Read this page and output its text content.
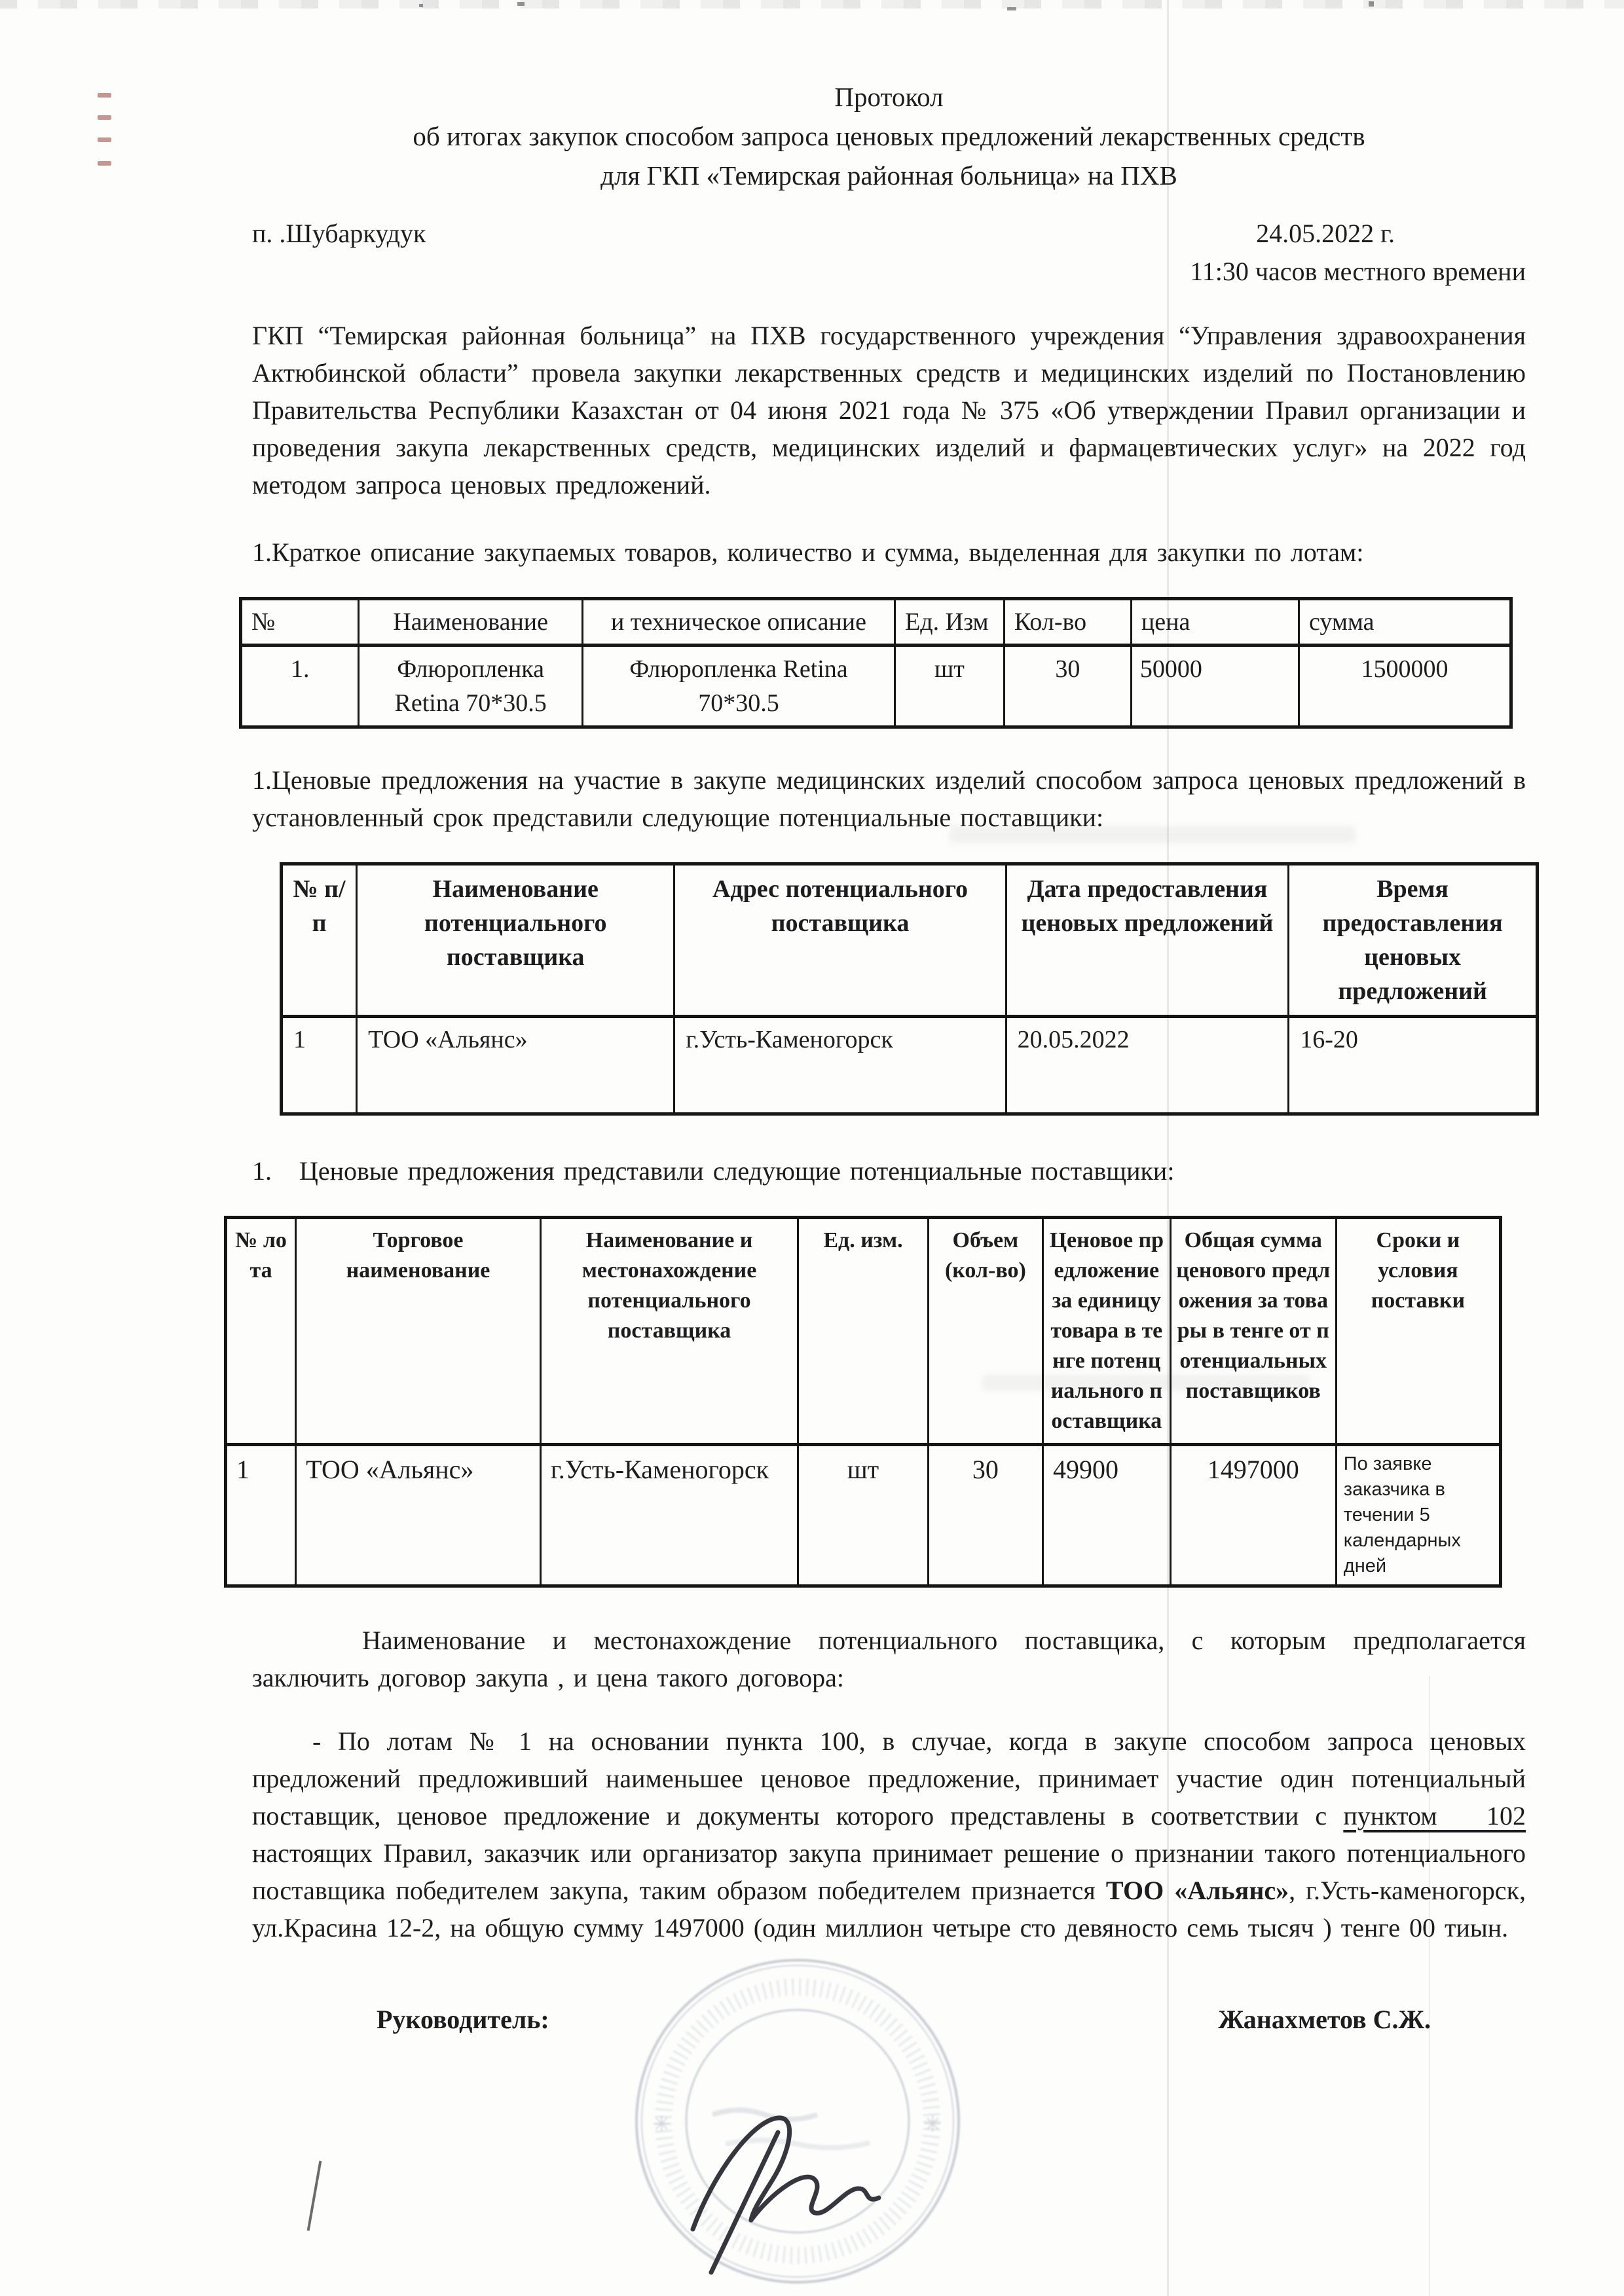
✳	✳
Протокол
об итогах закупок способом запроса ценовых предложений лекарственных средств
для ГКП «Темирская районная больница» на ПХВ
п. .Шубаркудук	24.05.2022 г.
11:30 часов местного времени

ГКП “Темирская районная больница” на ПХВ государственного учреждения “Управления здравоохранения Актюбинской области” провела закупки лекарственных средств и медицинских изделий по Постановлению Правительства Республики Казахстан от 04 июня 2021 года № 375 «Об утверждении Правил организации и проведения закупа лекарственных средств, медицинских изделий и фармацевтических услуг» на 2022 год методом запроса ценовых предложений.

1.Краткое описание закупаемых товаров, количество и сумма, выделенная для закупки по лотам:

№	Наименование	и техническое описание	Ед. Изм	Кол-во	цена	сумма
1.	Флюропленка Retina 70*30.5	Флюропленка Retina 70*30.5	шт	30	50000	1500000

1.Ценовые предложения на участие в закупе медицинских изделий способом запроса ценовых предложений в установленный срок представили следующие потенциальные поставщики:

№ п/п	Наименование потенциального поставщика	Адрес потенциального поставщика	Дата предоставления ценовых предложений	Время предоставления ценовых предложений
1	ТОО «Альянс»	г.Усть-Каменогорск	20.05.2022	16-20

1.   Ценовые предложения представили следующие потенциальные поставщики:

№ лота	Торговое наименование	Наименование и местонахождение потенциального поставщика	Ед. изм.	Объем (кол-во)	Ценовое предложение за единицу товара в тенге потенциального поставщика	Общая сумма ценового предложения за товары в тенге от потенциальных поставщиков	Сроки и условия поставки
1	ТОО «Альянс»	г.Усть-Каменогорск	шт	30	49900	1497000	По заявке заказчика в течении 5 календарных дней

Наименование и местонахождение потенциального поставщика, с которым предполагается заключить договор закупа , и цена такого договора:

- По лотам № 1 на основании пункта 100, в случае, когда в закупе способом запроса ценовых предложений предложивший наименьшее ценовое предложение, принимает участие один потенциальный поставщик, ценовое предложение и документы которого представлены в соответствии с пунктом   102 настоящих Правил, заказчик или организатор закупа принимает решение о признании такого потенциального поставщика победителем закупа, таким образом победителем признается ТОО «Альянс», г.Усть-каменогорск, ул.Красина 12-2, на общую сумму 1497000 (один миллион четыре сто девяносто семь тысяч ) тенге 00 тиын.

Руководитель:	Жанахметов С.Ж.
